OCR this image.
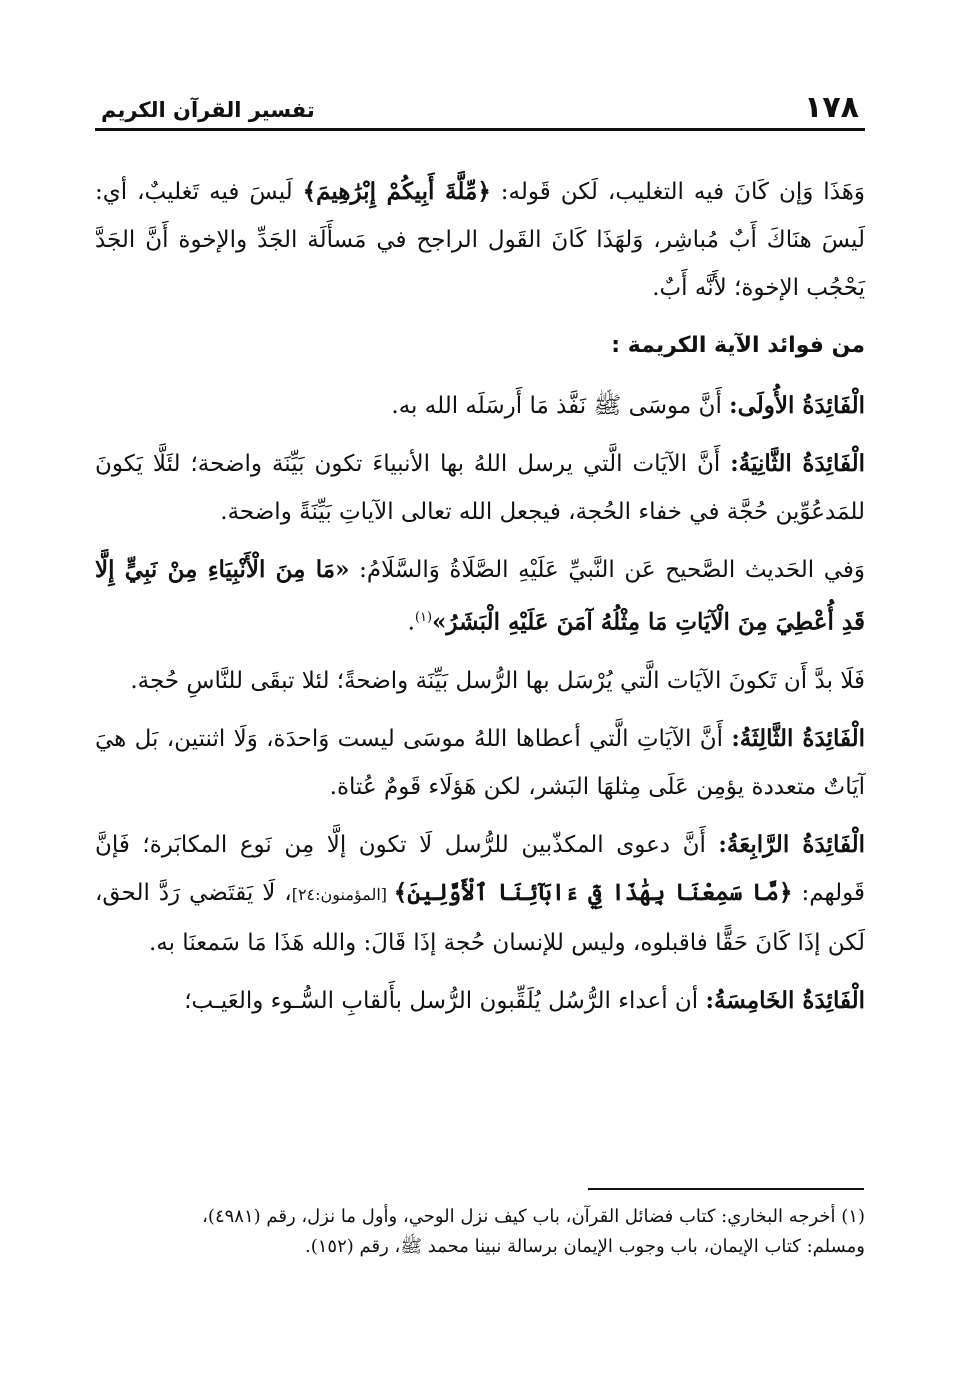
١٧٨
تفسير القرآن الكريم

وَهَذَا وَإن كَانَ فيه التغليب، لَكن قَوله: ﴿مِّلَّةَ أَبِيكُمْ إِبْرَٰهِيمَ﴾ لَيسَ فيه تَغليبٌ، أي: لَيسَ هنَاكَ أَبٌ مُباشِر، وَلهَذَا كَانَ القَول الراجح في مَسأَلَة الجَدِّ والإخوة أَنَّ الجَدَّ يَحْجُب الإخوة؛ لأَنَّه أَبٌ.

من فوائد الآية الكريمة :

الْفَائِدَةُ الأُولَى: أَنَّ موسَى ﷺ نَفَّذ مَا أَرسَلَه الله به.

الْفَائِدَةُ الثَّانِيَةُ: أَنَّ الآيَات الَّتي يرسل اللهُ بها الأنبياءَ تكون بَيِّنَة واضحة؛ لئَلَّا يَكونَ للمَدعُوِّين حُجَّة في خفاء الحُجة، فيجعل الله تعالى الآياتِ بَيِّنَةً واضحة.

وَفي الحَديث الصَّحيح عَن النَّبيِّ عَلَيْهِ الصَّلَاةُ وَالسَّلَامُ: «مَا مِنَ الْأَنْبِيَاءِ مِنْ نَبِيٍّ إِلَّا قَدِ أُعْطِيَ مِنَ الْآيَاتِ مَا مِثْلُهُ آمَنَ عَلَيْهِ الْبَشَرُ»$^{(١)}$.

فَلَا بدَّ أَن تَكونَ الآيَات الَّتي يُرْسَل بها الرُّسل بَيِّنَة واضحةً؛ لئلا تبقَى للنَّاسِ حُجة.

الْفَائِدَةُ الثَّالِثَةُ: أَنَّ الآيَاتِ الَّتي أعطاها اللهُ موسَى ليست وَاحدَة، وَلَا اثنتين، بَل هيَ آيَاتٌ متعددة يؤمِن عَلَى مِثلهَا البَشر، لكن هَؤلَاء قَومٌ عُتاة.

الْفَائِدَةُ الرَّابِعَةُ: أَنَّ دعوى المكذّبين للرُّسل لَا تكون إلَّا مِن نَوع المكابَرة؛ فَإنَّ قَولهم: ﴿مَّا سَمِعْنَا بِهَٰذَا فِيٓ ءَابَآئِنَا ٱلْأَوَّلِينَ﴾ [المؤمنون:٢٤]، لَا يَقتَضي رَدَّ الحق، لَكن إذَا كَانَ حَقًّا فاقبلوه، وليس للإنسان حُجة إذَا قَالَ: والله هَذَا مَا سَمعنَا به.

الْفَائِدَةُ الخَامِسَةُ: أن أعداء الرُّسُل يُلَقِّبون الرُّسل بأَلقابِ السُّـوء والعَيـب؛

(١) أخرجه البخاري: كتاب فضائل القرآن، باب كيف نزل الوحي، وأول ما نزل، رقم (٤٩٨١)،

ومسلم: كتاب الإيمان، باب وجوب الإيمان برسالة نبينا محمد ﷺ، رقم (١٥٢).
